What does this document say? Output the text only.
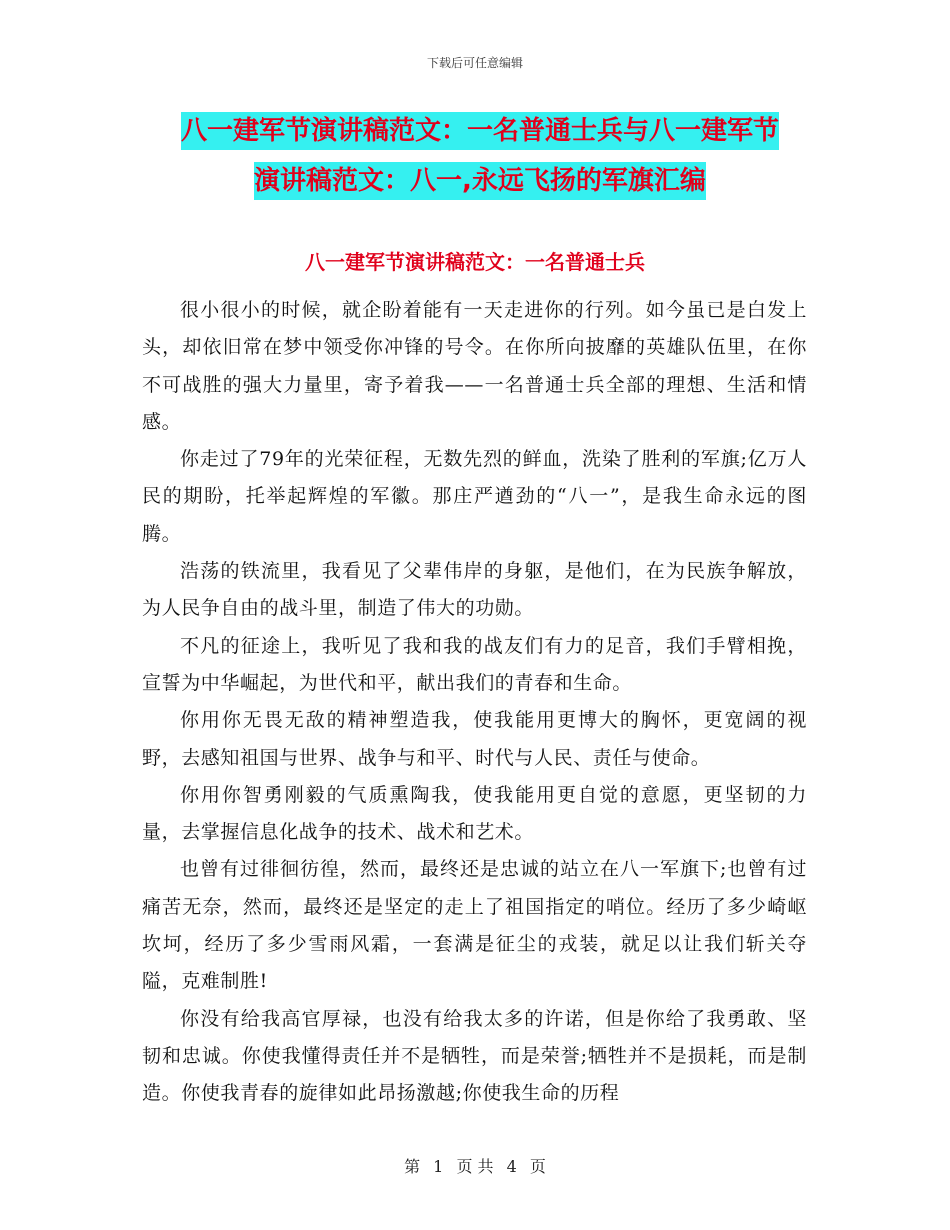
下载后可任意编辑
八一建军节演讲稿范文：一名普通士兵与八一建军节
演讲稿范文：八一,永远飞扬的军旗汇编
八一建军节演讲稿范文：一名普通士兵

很小很小的时候，就企盼着能有一天走进你的行列。如今虽已是白发上头，却依旧常在梦中领受你冲锋的号令。在你所向披靡的英雄队伍里，在你不可战胜的强大力量里，寄予着我——一名普通士兵全部的理想、生活和情感。

你走过了79年的光荣征程，无数先烈的鲜血，洗染了胜利的军旗;亿万人民的期盼，托举起辉煌的军徽。那庄严遒劲的“八一”，是我生命永远的图腾。

浩荡的铁流里，我看见了父辈伟岸的身躯，是他们，在为民族争解放，为人民争自由的战斗里，制造了伟大的功勋。

不凡的征途上，我听见了我和我的战友们有力的足音，我们手臂相挽，宣誓为中华崛起，为世代和平，献出我们的青春和生命。

你用你无畏无敌的精神塑造我，使我能用更博大的胸怀，更宽阔的视野，去感知祖国与世界、战争与和平、时代与人民、责任与使命。

你用你智勇刚毅的气质熏陶我，使我能用更自觉的意愿，更坚韧的力量，去掌握信息化战争的技术、战术和艺术。

也曾有过徘徊彷徨，然而，最终还是忠诚的站立在八一军旗下;也曾有过痛苦无奈，然而，最终还是坚定的走上了祖国指定的哨位。经历了多少崎岖坎坷，经历了多少雪雨风霜，一套满是征尘的戎装，就足以让我们斩关夺隘，克难制胜!

你没有给我高官厚禄，也没有给我太多的许诺，但是你给了我勇敢、坚韧和忠诚。你使我懂得责任并不是牺牲，而是荣誉;牺牲并不是损耗，而是制造。你使我青春的旋律如此昂扬激越;你使我生命的历程

第 1 页 共 4 页
